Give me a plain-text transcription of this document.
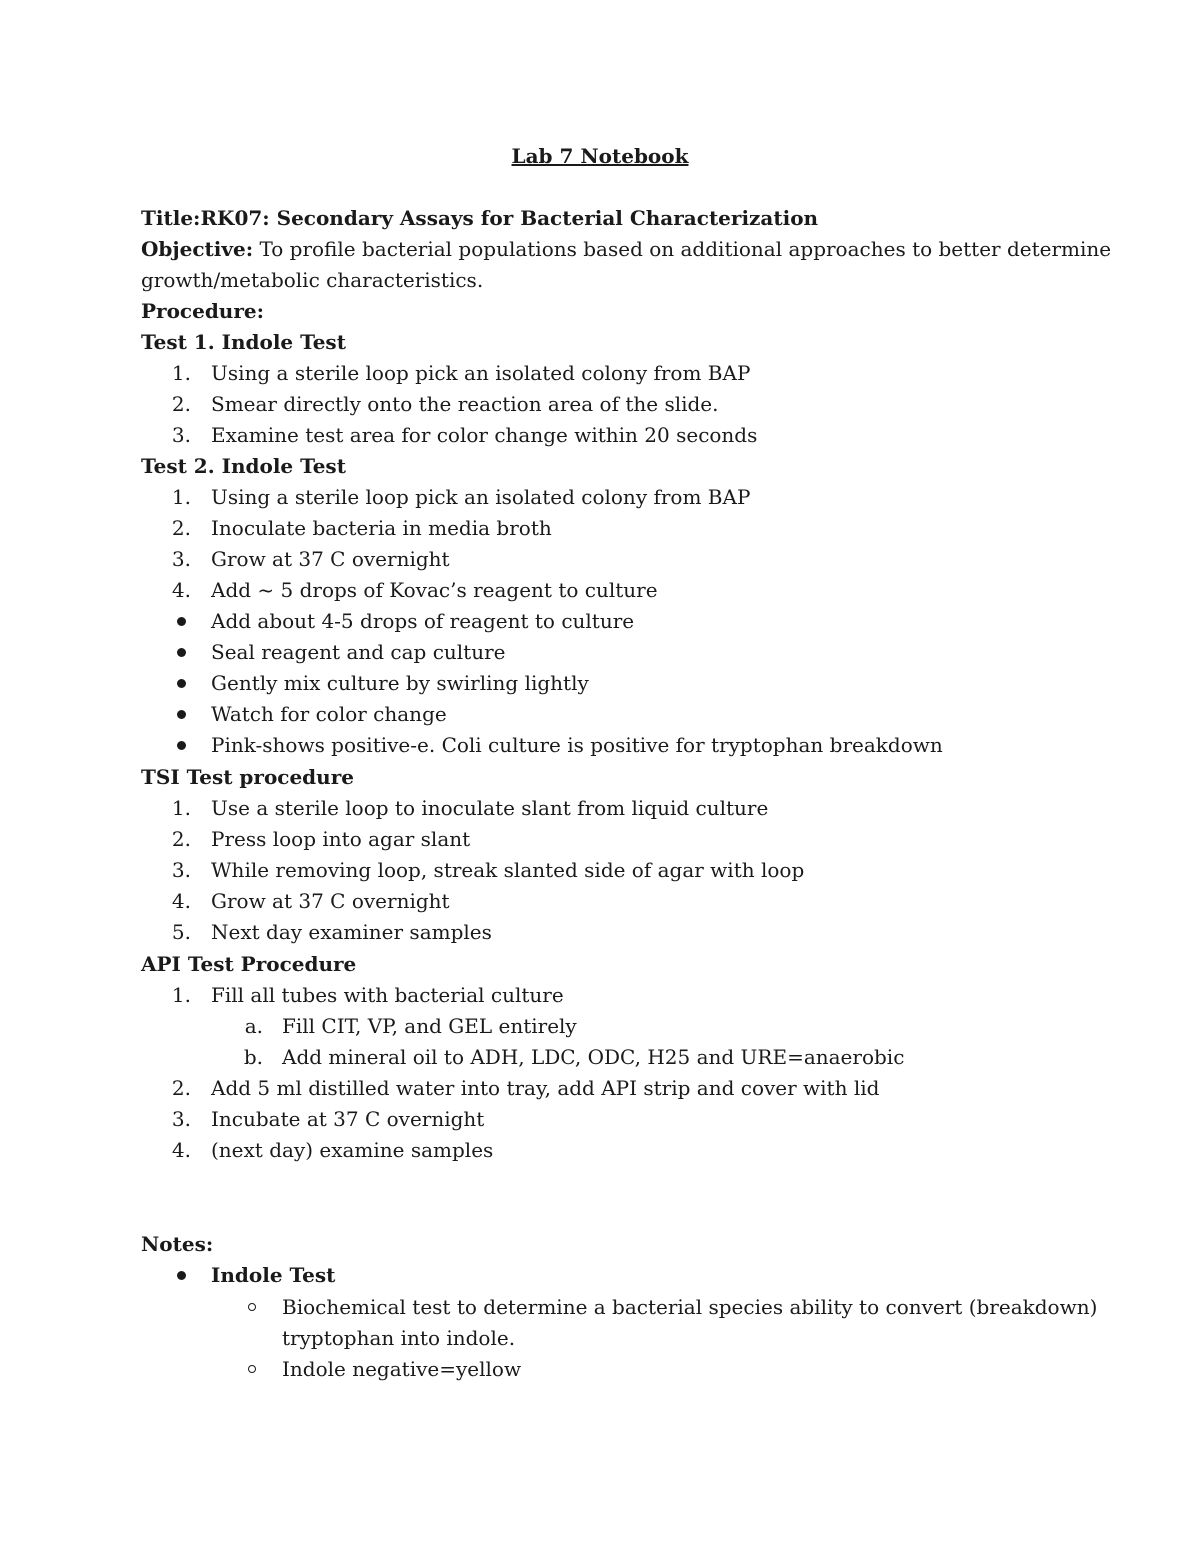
Lab 7 Notebook
Title:RK07: Secondary Assays for Bacterial Characterization
Objective: To profile bacterial populations based on additional approaches to better determine
growth/metabolic characteristics.
Procedure:
Test 1. Indole Test
1. Using a sterile loop pick an isolated colony from BAP
2. Smear directly onto the reaction area of the slide.
3. Examine test area for color change within 20 seconds
Test 2. Indole Test
1. Using a sterile loop pick an isolated colony from BAP
2. Inoculate bacteria in media broth
3. Grow at 37 C overnight
4. Add ~ 5 drops of Kovac’s reagent to culture
Add about 4-5 drops of reagent to culture
Seal reagent and cap culture
Gently mix culture by swirling lightly
Watch for color change
Pink-shows positive-e. Coli culture is positive for tryptophan breakdown
TSI Test procedure
1. Use a sterile loop to inoculate slant from liquid culture
2. Press loop into agar slant
3. While removing loop, streak slanted side of agar with loop
4. Grow at 37 C overnight
5. Next day examiner samples
API Test Procedure
1. Fill all tubes with bacterial culture
a. Fill CIT, VP, and GEL entirely
b. Add mineral oil to ADH, LDC, ODC, H25 and URE=anaerobic
2. Add 5 ml distilled water into tray, add API strip and cover with lid
3. Incubate at 37 C overnight
4. (next day) examine samples
Notes:
Indole Test
Biochemical test to determine a bacterial species ability to convert (breakdown)
tryptophan into indole.
Indole negative=yellow
